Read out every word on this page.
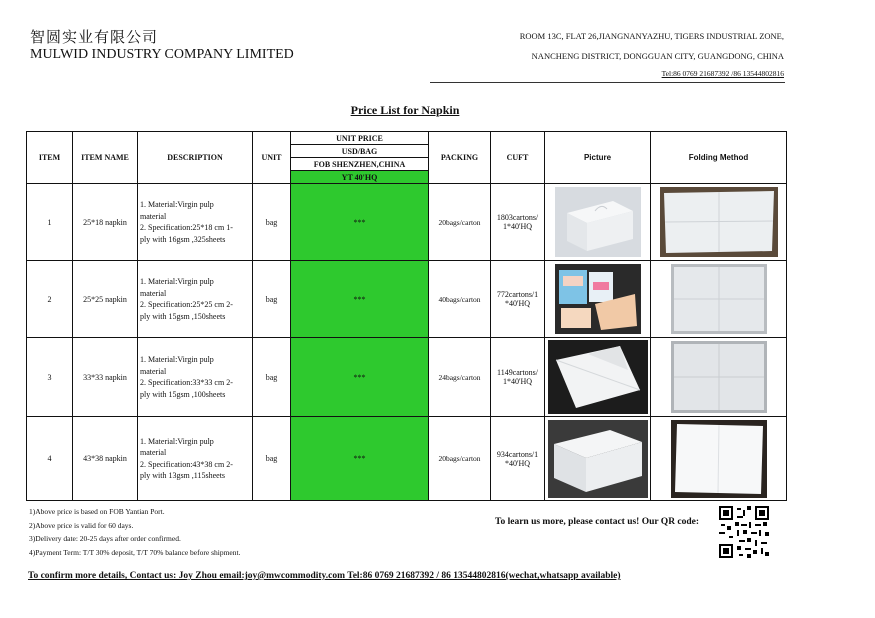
智圆实业有限公司
MULWID INDUSTRY COMPANY LIMITED
ROOM 13C, FLAT 26,JIANGNANYAZHU, TIGERS INDUSTRIAL ZONE,
NANCHENG DISTRICT, DONGGUAN CITY, GUANGDONG, CHINA
Tel:86 0769 21687392 /86 13544802816
Price List for Napkin
ITEM	ITEM NAME	DESCRIPTION	UNIT	UNIT PRICE	PACKING	CUFT	Picture	Folding Method
				USD/BAG				
				FOB SHENZHEN,CHINA				
				YT 40'HQ				
1	25*18 napkin	1. Material:Virgin pulp
material
2. Specification:25*18 cm 1-
ply with 16gsm ,325sheets	bag	***	20bags/carton	1803cartons/ 1*40'HQ	

2	25*25 napkin	1. Material:Virgin pulp
material
2. Specification:25*25 cm 2-
ply with 15gsm ,150sheets	bag	***	40bags/carton	772cartons/1 *40'HQ	

3	33*33 napkin	1. Material:Virgin pulp
material
2. Specification:33*33 cm 2-
ply with 15gsm ,100sheets	bag	***	24bags/carton	1149cartons/ 1*40'HQ	

4	43*38 napkin	1. Material:Virgin pulp
material
2. Specification:43*38 cm 2-
ply with 13gsm ,115sheets	bag	***	20bags/carton	934cartons/1 *40'HQ	

1)Above price is based on FOB Yantian Port.
2)Above price is valid for 60 days.
3)Delivery date: 20-25 days after order confirmed.
4)Payment Term: T/T 30% deposit, T/T 70% balance before shipment.
To learn us more, please contact us! Our QR code:
To confirm more details, Contact us: Joy Zhou email:joy@mwcommodity.com Tel:86 0769 21687392 / 86 13544802816(wechat,whatsapp available)
